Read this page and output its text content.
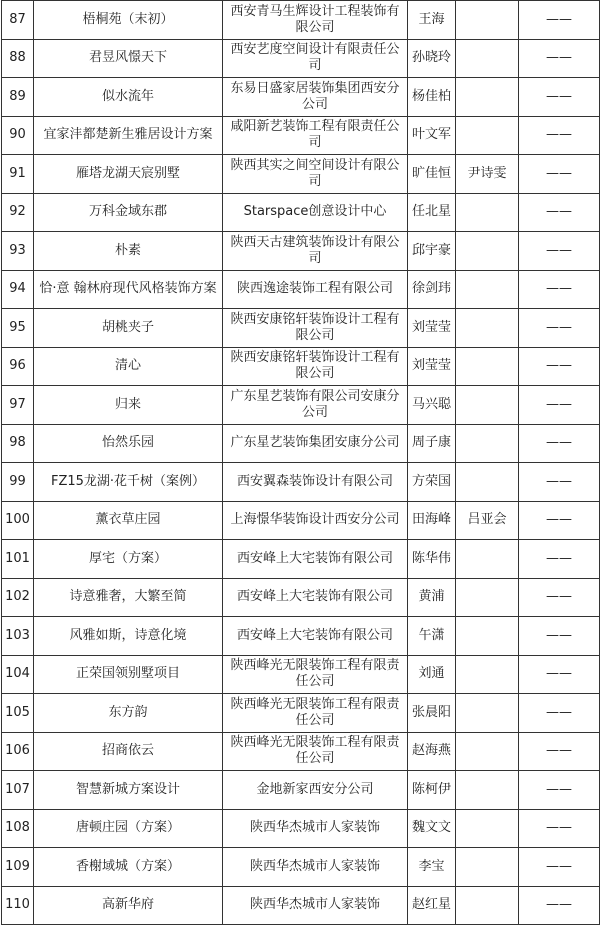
87	梧桐苑（末初）	西安青马生辉设计工程装饰有限公司	王海		——
88	君昱风憬天下	西安艺度空间设计有限责任公司	孙晓玲		——
89	似水流年	东易日盛家居装饰集团西安分公司	杨佳柏		——
90	宜家沣都楚新生雅居设计方案	咸阳新艺装饰工程有限责任公司	叶文军		——
91	雁塔龙湖天宸别墅	陕西其实之间空间设计有限公司	旷佳恒	尹诗雯	——
92	万科金域东郡	Starspace创意设计中心	任北星		——
93	朴素	陕西天古建筑装饰设计有限公司	邱宇豪		——
94	恰·意 翰林府现代风格装饰方案	陕西逸途装饰工程有限公司	徐剑玮		——
95	胡桃夹子	陕西安康铭轩装饰设计工程有限公司	刘莹莹		——
96	清心	陕西安康铭轩装饰设计工程有限公司	刘莹莹		——
97	归来	广东星艺装饰有限公司安康分公司	马兴聪		——
98	怡然乐园	广东星艺装饰集团安康分公司	周子康		——
99	FZ15龙湖·花千树（案例）	西安翼森装饰设计有限公司	方荣国		——
100	薰衣草庄园	上海憬华装饰设计西安分公司	田海峰	吕亚会	——
101	厚宅（方案）	西安峰上大宅装饰有限公司	陈华伟		——
102	诗意雅奢，大繁至简	西安峰上大宅装饰有限公司	黄浦		——
103	风雅如斯，诗意化境	西安峰上大宅装饰有限公司	午潇		——
104	正荣国领别墅项目	陕西峰光无限装饰工程有限责任公司	刘通		——
105	东方韵	陕西峰光无限装饰工程有限责任公司	张晨阳		——
106	招商依云	陕西峰光无限装饰工程有限责任公司	赵海燕		——
107	智慧新城方案设计	金地新家西安分公司	陈柯伊		——
108	唐顿庄园（方案）	陕西华杰城市人家装饰	魏文文		——
109	香榭域城（方案）	陕西华杰城市人家装饰	李宝		——
110	高新华府	陕西华杰城市人家装饰	赵红星		——
